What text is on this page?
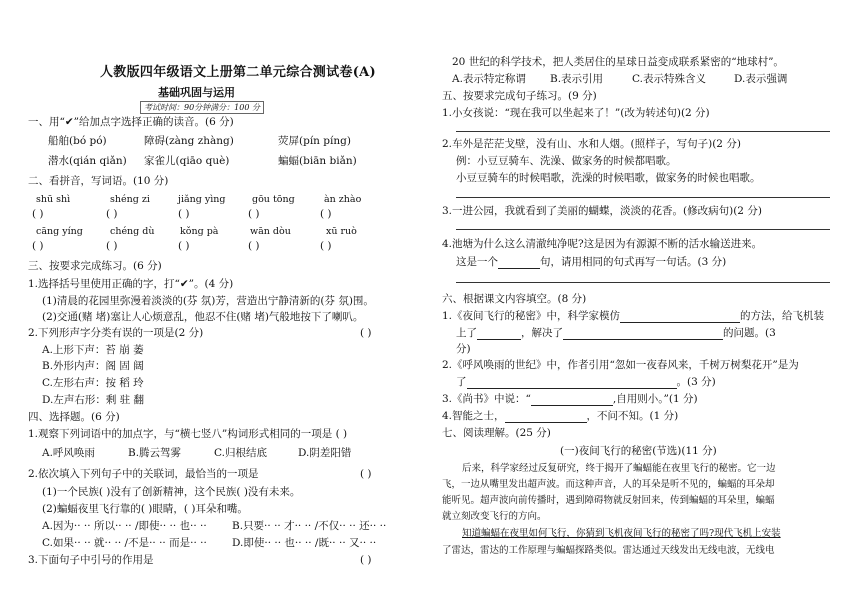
人教版四年级语文上册第二单元综合测试卷(A)
基础巩固与运用
考试时间：90分钟满分：100 分
一、用“✔”给加点字选择正确的读音。(6 分)
船舶(bó pó)	障碍(zàng zhàng)	荧屏(pín píng)
潜水(qián qiǎn) 家雀儿(qiāo què)	蝙蝠(biān biǎn)
二、看拼音，写词语。(10 分)
shū shì	shéng zi	jiǎng yìng	gōu tōng	àn zhào
( )	( )	( )	( )	( )
cāng yíng	chéng dù	kǒng pà	wān dòu	xū ruò
( )	( )	( )	( )	( )
三、按要求完成练习。(6 分)
1.选择括号里使用正确的字，打“✔”。(4 分)
(1)清晨的花园里弥漫着淡淡的(芬 氛)芳，营造出宁静清新的(芬 氛)围。
(2)交通(赌 堵)塞让人心烦意乱，他忍不住(赌 堵)气般地按下了喇叭。
2.下列形声字分类有误的一项是(2 分)	( )
A.上形下声：苔 崩 萎
B.外形内声：阁 固 阔
C.左形右声：按 稻 玲
D.左声右形：剩 驻 翻
四、选择题。(6 分)
1.观察下列词语中的加点字，与“横七竖八”构词形式相同的一项是 ( )
A.呼风唤雨	B.腾云驾雾	C.归根结底	D.阴差阳错
2.依次填入下列句子中的关联词，最恰当的一项是	( )
(1)一个民族( )没有了创新精神，这个民族( )没有未来。
(2)蝙蝠夜里飞行靠的( )眼睛，( )耳朵和嘴。
A.因为·· ·· 所以·· ·· /即使·· ·· 也·· ·· B.只要·· ·· 才·· ·· /不仅·· ·· 还·· ··
C.如果·· ·· 就·· ·· /不是·· ·· 而是·· ·· D.即使·· ·· 也·· ·· /既·· ·· 又·· ··
3.下面句子中引号的作用是	( )
20 世纪的科学技术，把人类居住的星球日益变成联系紧密的“地球村”。
A.表示特定称谓 B.表示引用	C.表示特殊含义	D.表示强调
五、按要求完成句子练习。(9 分)
1.小女孩说：“现在我可以坐起来了！”(改为转述句)(2 分)
2.车外是茫茫戈壁，没有山、水和人烟。(照样子，写句子)(2 分)
例：小豆豆骑车、洗澡、做家务的时候都唱歌。
小豆豆骑车的时候唱歌，洗澡的时候唱歌，做家务的时候也唱歌。
3.一进公园，我就看到了美丽的蝴蝶，淡淡的花香。(修改病句)(2 分)
4.池塘为什么这么清澈纯净呢?这是因为有源源不断的活水输送进来。
这是一个	句，请用相同的句式再写一句话。(3 分)
六、根据课文内容填空。(8 分)
1.《夜间飞行的秘密》中，科学家模仿	的方法，给飞机装
上了	，解决了	的问题。(3
分)
2.《呼风唤雨的世纪》中，作者引用“忽如一夜春风来，千树万树梨花开”是为
了	。(3 分)
3.《尚书》中说：“	,自用则小。”(1 分)
4.智能之士，	，不问不知。(1 分)
七、阅读理解。(25 分)
(一)夜间飞行的秘密(节选)(11 分)
后来，科学家经过反复研究，终于揭开了蝙蝠能在夜里飞行的秘密。它一边
飞，一边从嘴里发出超声波。而这种声音，人的耳朵是听不见的，蝙蝠的耳朵却
能听见。超声波向前传播时，遇到障碍物就反射回来，传到蝙蝠的耳朵里，蝙蝠
就立刻改变飞行的方向。
知道蝙蝠在夜里如何飞行，你猜到飞机夜间飞行的秘密了吗?现代飞机上安装
了雷达，雷达的工作原理与蝙蝠探路类似。雷达通过天线发出无线电波，无线电
